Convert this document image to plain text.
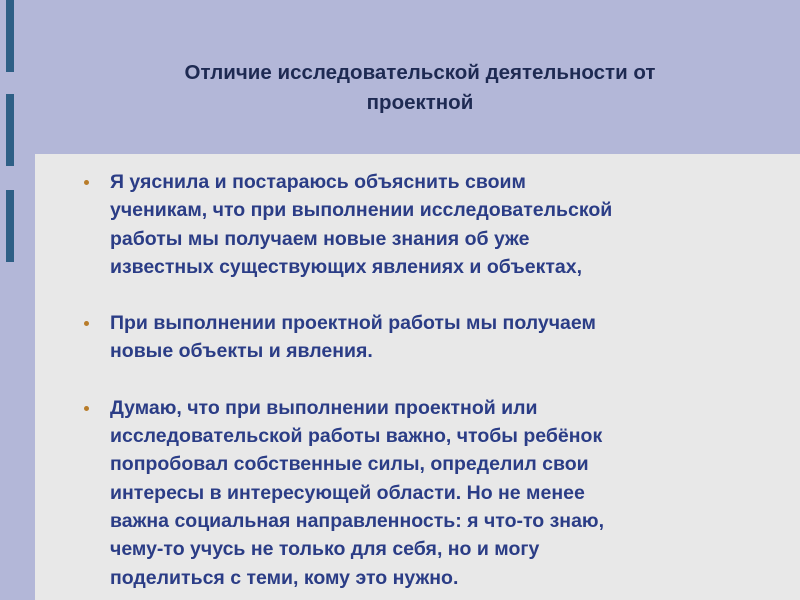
Отличие исследовательской деятельности от
проектной
Я уяснила и постараюсь объяснить своим
ученикам, что при выполнении исследовательской
работы мы получаем новые знания об уже
известных существующих явлениях и объектах,
При выполнении проектной работы мы получаем
новые объекты и явления.
Думаю, что при выполнении проектной или
исследовательской работы важно, чтобы ребёнок
попробовал собственные силы, определил свои
интересы в интересующей области. Но не менее
важна социальная направленность: я что-то знаю,
чему-то учусь не только для себя, но и могу
поделиться с теми, кому это нужно.
